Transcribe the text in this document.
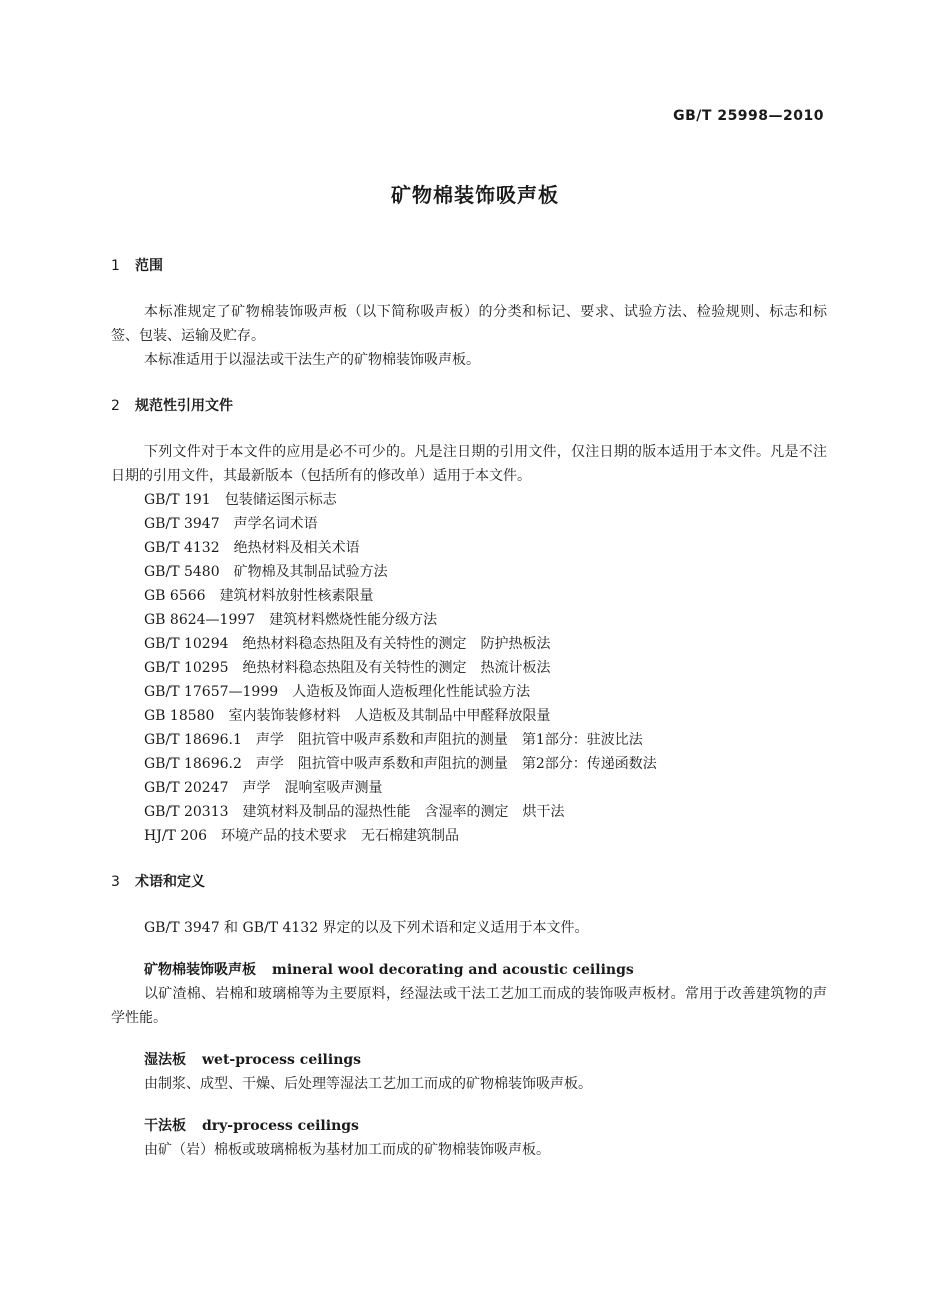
GB/T 25998—2010
矿物棉装饰吸声板
1 范围

本标准规定了矿物棉装饰吸声板（以下简称吸声板）的分类和标记、要求、试验方法、检验规则、标志和标签、包装、运输及贮存。

本标准适用于以湿法或干法生产的矿物棉装饰吸声板。

2 规范性引用文件

下列文件对于本文件的应用是必不可少的。凡是注日期的引用文件，仅注日期的版本适用于本文件。凡是不注日期的引用文件，其最新版本（包括所有的修改单）适用于本文件。

GB/T 191 包装储运图示标志
GB/T 3947 声学名词术语
GB/T 4132 绝热材料及相关术语
GB/T 5480 矿物棉及其制品试验方法
GB 6566 建筑材料放射性核素限量
GB 8624—1997 建筑材料燃烧性能分级方法
GB/T 10294 绝热材料稳态热阻及有关特性的测定　防护热板法
GB/T 10295 绝热材料稳态热阻及有关特性的测定　热流计板法
GB/T 17657—1999 人造板及饰面人造板理化性能试验方法
GB 18580 室内装饰装修材料　人造板及其制品中甲醛释放限量
GB/T 18696.1 声学　阻抗管中吸声系数和声阻抗的测量　第1部分：驻波比法
GB/T 18696.2 声学　阻抗管中吸声系数和声阻抗的测量　第2部分：传递函数法
GB/T 20247 声学　混响室吸声测量
GB/T 20313 建筑材料及制品的湿热性能　含湿率的测定　烘干法
HJ/T 206 环境产品的技术要求　无石棉建筑制品
3 术语和定义

GB/T 3947 和 GB/T 4132 界定的以及下列术语和定义适用于本文件。

矿物棉装饰吸声板 mineral wool decorating and acoustic ceilings

以矿渣棉、岩棉和玻璃棉等为主要原料，经湿法或干法工艺加工而成的装饰吸声板材。常用于改善建筑物的声学性能。

湿法板 wet-process ceilings

由制浆、成型、干燥、后处理等湿法工艺加工而成的矿物棉装饰吸声板。

干法板 dry-process ceilings

由矿（岩）棉板或玻璃棉板为基材加工而成的矿物棉装饰吸声板。
